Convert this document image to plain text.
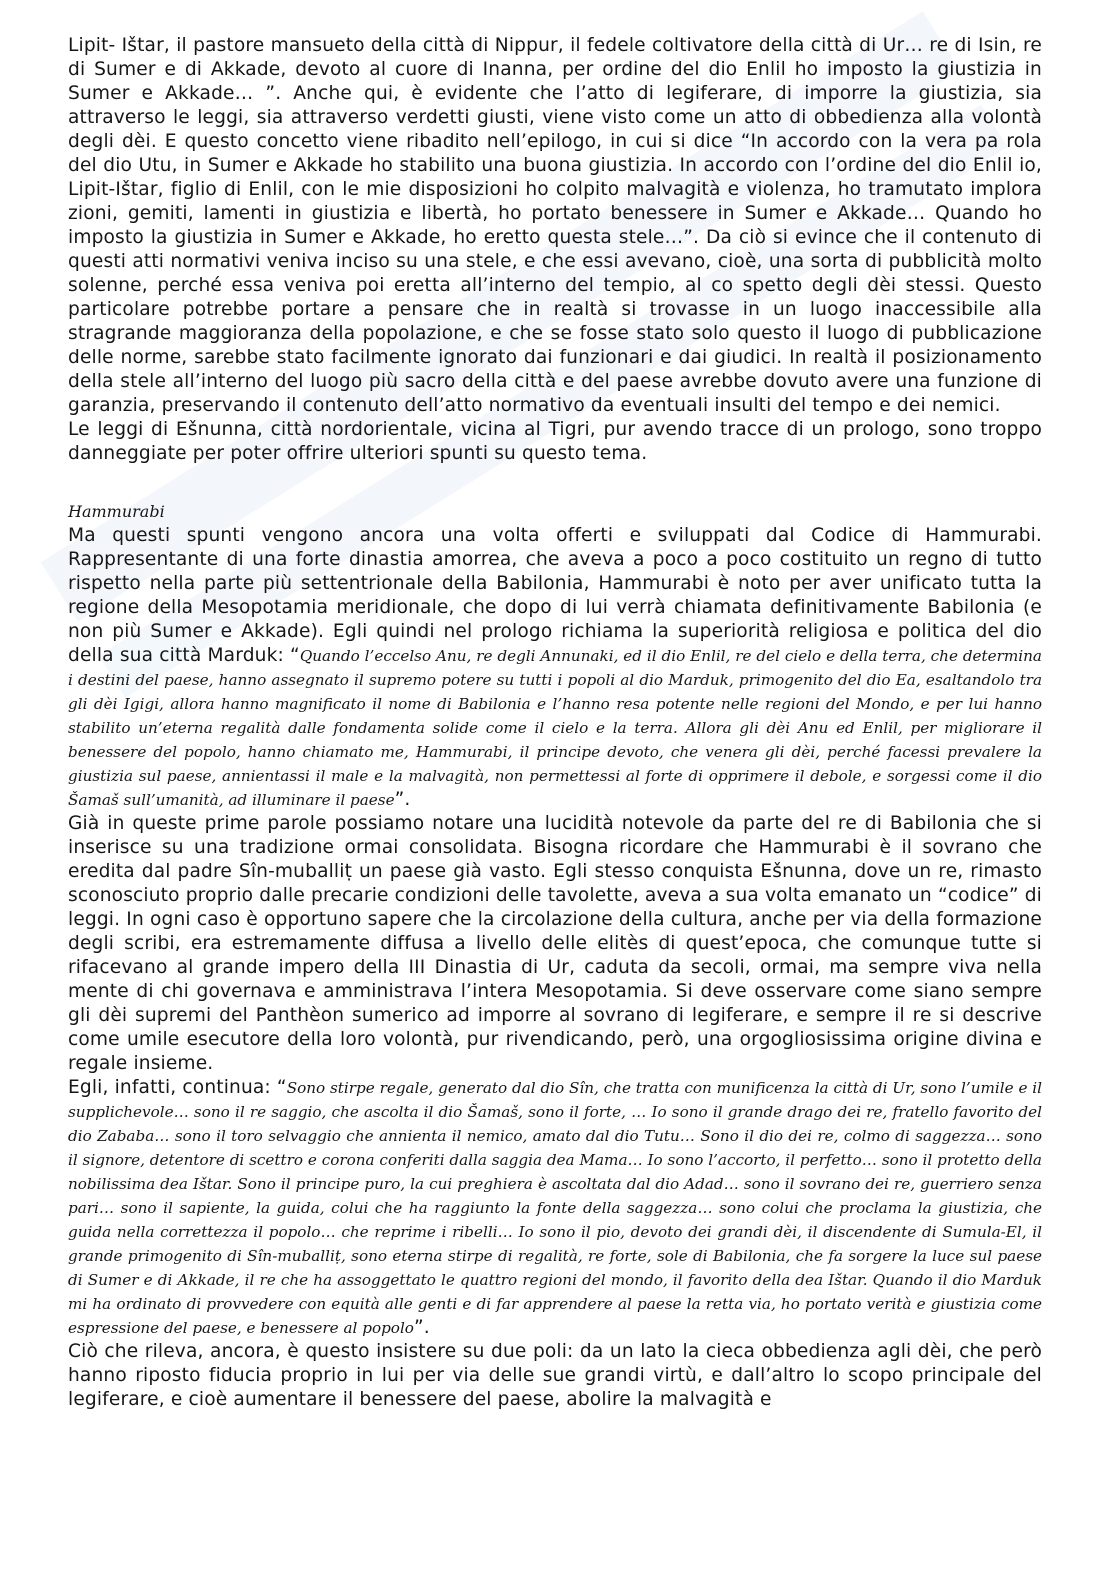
Lipit- Ištar, il pastore mansueto della città di Nippur, il fedele coltivatore della città di Ur… re di Isin, re di Sumer e di Akkade, devoto al cuore di Inanna, per ordine del dio Enlil ho imposto la giustizia in Sumer e Akkade… ”. Anche qui, è evidente che l’atto di legiferare, di imporre la giustizia, sia attraverso le leggi, sia attraverso verdetti giusti, viene visto come un atto di obbedienza alla volontà degli dèi. E questo concetto viene ribadito nell’epilogo, in cui si dice “In accordo con la vera pa rola del dio Utu, in Sumer e Akkade ho stabilito una buona giustizia. In accordo con l’ordine del dio Enlil io, Lipit-Ištar, figlio di Enlil, con le mie disposizioni ho colpito malvagità e violenza, ho tramutato implora zioni, gemiti, lamenti in giustizia e libertà, ho portato benessere in Sumer e Akkade… Quando ho imposto la giustizia in Sumer e Akkade, ho eretto questa stele…”. Da ciò si evince che il contenuto di questi atti normativi veniva inciso su una stele, e che essi avevano, cioè, una sorta di pubblicità molto solenne, perché essa veniva poi eretta all’interno del tempio, al co spetto degli dèi stessi. Questo particolare potrebbe portare a pensare che in realtà si trovasse in un luogo inaccessibile alla stragrande maggioranza della popolazione, e che se fosse stato solo questo il luogo di pubblicazione delle norme, sarebbe stato facilmente ignorato dai funzionari e dai giudici. In realtà il posizionamento della stele all’interno del luogo più sacro della città e del paese avrebbe dovuto avere una funzione di garanzia, preservando il contenuto dell’atto normativo da eventuali insulti del tempo e dei nemici.

Le leggi di Ešnunna, città nordorientale, vicina al Tigri, pur avendo tracce di un prologo, sono troppo danneggiate per poter offrire ulteriori spunti su questo tema.

Hammurabi

Ma questi spunti vengono ancora una volta offerti e sviluppati dal Codice di Hammurabi. Rappresentante di una forte dinastia amorrea, che aveva a poco a poco costituito un regno di tutto rispetto nella parte più settentrionale della Babilonia, Hammurabi è noto per aver unificato tutta la regione della Mesopotamia meridionale, che dopo di lui verrà chiamata definitivamente Babilonia (e non più Sumer e Akkade). Egli quindi nel prologo richiama la superiorità religiosa e politica del dio della sua città Marduk: “Quando l’eccelso Anu, re degli Annunaki, ed il dio Enlil, re del cielo e della terra, che determina i destini del paese, hanno assegnato il supremo potere su tutti i popoli al dio Marduk, primogenito del dio Ea, esaltandolo tra gli dèi Igigi, allora hanno magnificato il nome di Babilonia e l’hanno resa potente nelle regioni del Mondo, e per lui hanno stabilito un’eterna regalità dalle fondamenta solide come il cielo e la terra. Allora gli dèi Anu ed Enlil, per migliorare il benessere del popolo, hanno chiamato me, Hammurabi, il principe devoto, che venera gli dèi, perché facessi prevalere la giustizia sul paese, annientassi il male e la malvagità, non permettessi al forte di opprimere il debole, e sorgessi come il dio Šamaš sull’umanità, ad illuminare il paese”.

Già in queste prime parole possiamo notare una lucidità notevole da parte del re di Babilonia che si inserisce su una tradizione ormai consolidata. Bisogna ricordare che Hammurabi è il sovrano che eredita dal padre Sîn-muballiṭ un paese già vasto. Egli stesso conquista Ešnunna, dove un re, rimasto sconosciuto proprio dalle precarie condizioni delle tavolette, aveva a sua volta emanato un “codice” di leggi. In ogni caso è opportuno sapere che la circolazione della cultura, anche per via della formazione degli scribi, era estremamente diffusa a livello delle elitès di quest’epoca, che comunque tutte si rifacevano al grande impero della III Dinastia di Ur, caduta da secoli, ormai, ma sempre viva nella mente di chi governava e amministrava l’intera Mesopotamia. Si deve osservare come siano sempre gli dèi supremi del Panthèon sumerico ad imporre al sovrano di legiferare, e sempre il re si descrive come umile esecutore della loro volontà, pur rivendicando, però, una orgogliosissima origine divina e regale insieme.

Egli, infatti, continua: “Sono stirpe regale, generato dal dio Sîn, che tratta con munificenza la città di Ur, sono l’umile e il supplichevole… sono il re saggio, che ascolta il dio Šamaš, sono il forte, … Io sono il grande drago dei re, fratello favorito del dio Zababa… sono il toro selvaggio che annienta il nemico, amato dal dio Tutu… Sono il dio dei re, colmo di saggezza… sono il signore, detentore di scettro e corona conferiti dalla saggia dea Mama… Io sono l’accorto, il perfetto… sono il protetto della nobilissima dea Ištar. Sono il principe puro, la cui preghiera è ascoltata dal dio Adad… sono il sovrano dei re, guerriero senza pari… sono il sapiente, la guida, colui che ha raggiunto la fonte della saggezza… sono colui che proclama la giustizia, che guida nella correttezza il popolo… che reprime i ribelli… Io sono il pio, devoto dei grandi dèi, il discendente di Sumula-El, il grande primogenito di Sîn-muballiṭ, sono eterna stirpe di regalità, re forte, sole di Babilonia, che fa sorgere la luce sul paese di Sumer e di Akkade, il re che ha assoggettato le quattro regioni del mondo, il favorito della dea Ištar. Quando il dio Marduk mi ha ordinato di provvedere con equità alle genti e di far apprendere al paese la retta via, ho portato verità e giustizia come espressione del paese, e benessere al popolo”.

Ciò che rileva, ancora, è questo insistere su due poli: da un lato la cieca obbedienza agli dèi, che però hanno riposto fiducia proprio in lui per via delle sue grandi virtù, e dall’altro lo scopo principale del legiferare, e cioè aumentare il benessere del paese, abolire la malvagità e
